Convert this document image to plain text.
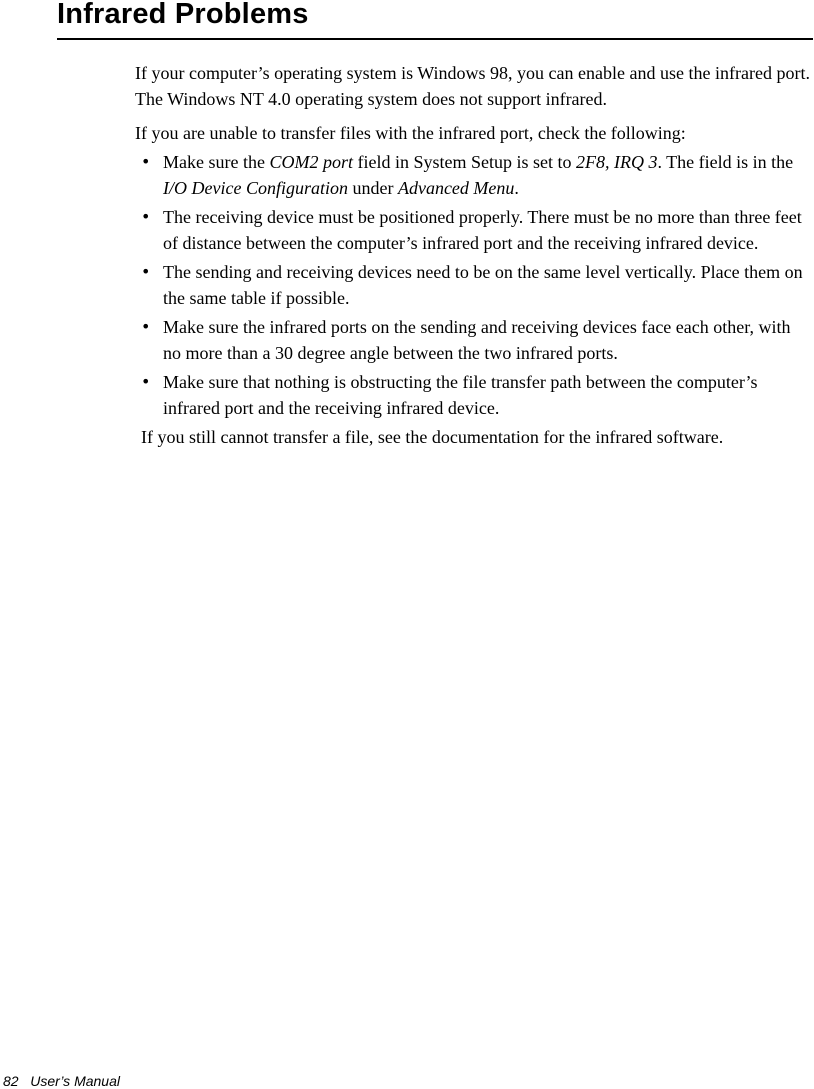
Infrared Problems

If your computer’s operating system is Windows 98, you can enable and use the infrared port. The Windows NT 4.0 operating system does not support infrared.

If you are unable to transfer files with the infrared port, check the following:

• Make sure the COM2 port field in System Setup is set to 2F8, IRQ 3. The field is in the I/O Device Configuration under Advanced Menu.
• The receiving device must be positioned properly. There must be no more than three feet of distance between the computer’s infrared port and the receiving infrared device.
• The sending and receiving devices need to be on the same level vertically. Place them on the same table if possible.
• Make sure the infrared ports on the sending and receiving devices face each other, with no more than a 30 degree angle between the two infrared ports.
• Make sure that nothing is obstructing the file transfer path between the computer’s infrared port and the receiving infrared device.

If you still cannot transfer a file, see the documentation for the infrared software.

82 User’s Manual
